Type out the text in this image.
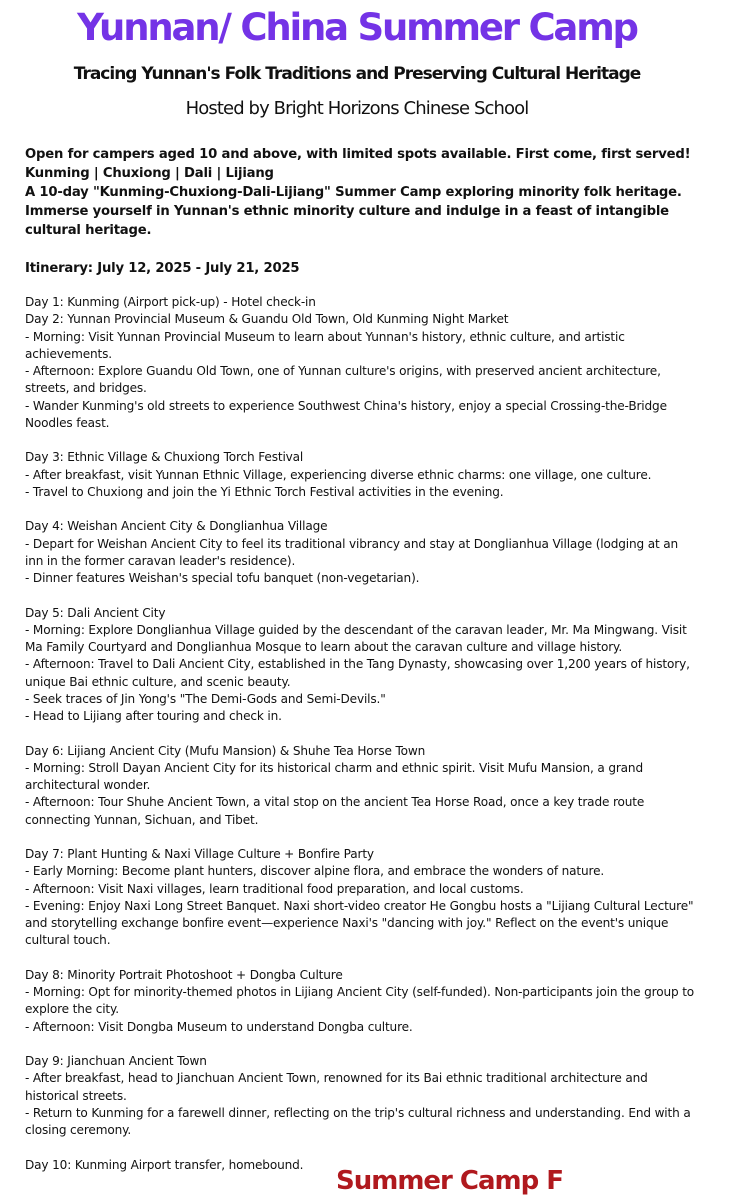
Yunnan/ China Summer Camp
Tracing Yunnan's Folk Traditions and Preserving Cultural Heritage
Hosted by Bright Horizons Chinese School

Open for campers aged 10 and above, with limited spots available. First come, first served!

Kunming | Chuxiong | Dali | Lijiang

A 10-day "Kunming-Chuxiong-Dali-Lijiang" Summer Camp exploring minority folk heritage. Immerse yourself in Yunnan's ethnic minority culture and indulge in a feast of intangible cultural heritage.

Itinerary: July 12, 2025 - July 21, 2025

Day 1: Kunming (Airport pick-up) - Hotel check-in

Day 2: Yunnan Provincial Museum & Guandu Old Town, Old Kunming Night Market

- Morning: Visit Yunnan Provincial Museum to learn about Yunnan's history, ethnic culture, and artistic achievements.

- Afternoon: Explore Guandu Old Town, one of Yunnan culture's origins, with preserved ancient architecture, streets, and bridges.

- Wander Kunming's old streets to experience Southwest China's history, enjoy a special Crossing-the-Bridge Noodles feast.

Day 3: Ethnic Village & Chuxiong Torch Festival

- After breakfast, visit Yunnan Ethnic Village, experiencing diverse ethnic charms: one village, one culture.

- Travel to Chuxiong and join the Yi Ethnic Torch Festival activities in the evening.

Day 4: Weishan Ancient City & Donglianhua Village

- Depart for Weishan Ancient City to feel its traditional vibrancy and stay at Donglianhua Village (lodging at an inn in the former caravan leader's residence).

- Dinner features Weishan's special tofu banquet (non-vegetarian).

Day 5: Dali Ancient City

- Morning: Explore Donglianhua Village guided by the descendant of the caravan leader, Mr. Ma Mingwang. Visit Ma Family Courtyard and Donglianhua Mosque to learn about the caravan culture and village history.

- Afternoon: Travel to Dali Ancient City, established in the Tang Dynasty, showcasing over 1,200 years of history, unique Bai ethnic culture, and scenic beauty.

- Seek traces of Jin Yong's "The Demi-Gods and Semi-Devils."

- Head to Lijiang after touring and check in.

Day 6: Lijiang Ancient City (Mufu Mansion) & Shuhe Tea Horse Town

- Morning: Stroll Dayan Ancient City for its historical charm and ethnic spirit. Visit Mufu Mansion, a grand architectural wonder.

- Afternoon: Tour Shuhe Ancient Town, a vital stop on the ancient Tea Horse Road, once a key trade route connecting Yunnan, Sichuan, and Tibet.

Day 7: Plant Hunting & Naxi Village Culture + Bonfire Party

- Early Morning: Become plant hunters, discover alpine flora, and embrace the wonders of nature.

- Afternoon: Visit Naxi villages, learn traditional food preparation, and local customs.

- Evening: Enjoy Naxi Long Street Banquet. Naxi short-video creator He Gongbu hosts a "Lijiang Cultural Lecture" and storytelling exchange bonfire event—experience Naxi's "dancing with joy." Reflect on the event's unique cultural touch.

Day 8: Minority Portrait Photoshoot + Dongba Culture

- Morning: Opt for minority-themed photos in Lijiang Ancient City (self-funded). Non-participants join the group to explore the city.

- Afternoon: Visit Dongba Museum to understand Dongba culture.

Day 9: Jianchuan Ancient Town

- After breakfast, head to Jianchuan Ancient Town, renowned for its Bai ethnic traditional architecture and historical streets.

- Return to Kunming for a farewell dinner, reflecting on the trip's cultural richness and understanding. End with a closing ceremony.

Day 10: Kunming Airport transfer, homebound.

Summer Camp F
